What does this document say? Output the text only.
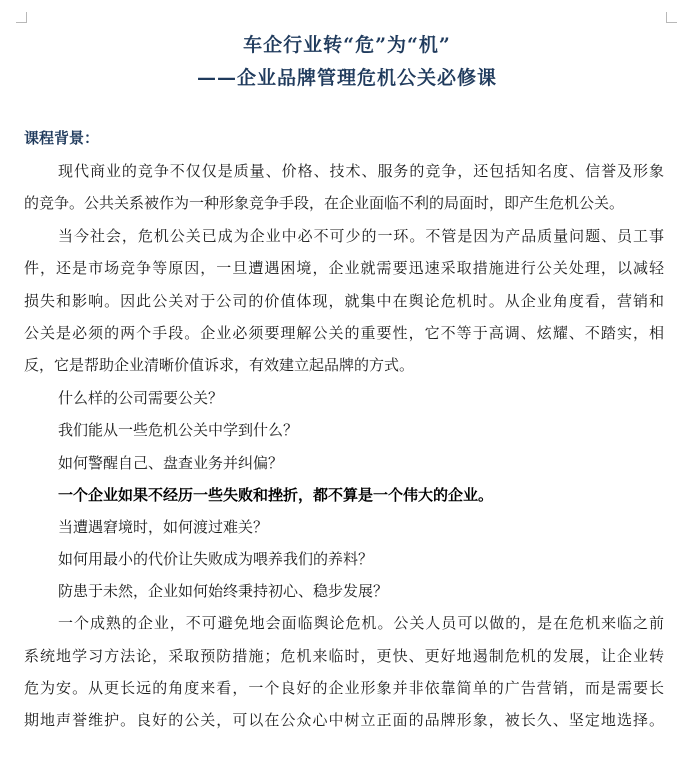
车企行业转“危”为“机”
——企业品牌管理危机公关必修课
课程背景：
现代商业的竞争不仅仅是质量、价格、技术、服务的竞争，还包括知名度、信誉及形象
的竞争。公共关系被作为一种形象竞争手段，在企业面临不利的局面时，即产生危机公关。
当今社会，危机公关已成为企业中必不可少的一环。不管是因为产品质量问题、员工事
件，还是市场竞争等原因，一旦遭遇困境，企业就需要迅速采取措施进行公关处理，以减轻
损失和影响。因此公关对于公司的价值体现，就集中在舆论危机时。从企业角度看，营销和
公关是必须的两个手段。企业必须要理解公关的重要性，它不等于高调、炫耀、不踏实，相
反，它是帮助企业清晰价值诉求，有效建立起品牌的方式。
什么样的公司需要公关？
我们能从一些危机公关中学到什么？
如何警醒自己、盘查业务并纠偏？
一个企业如果不经历一些失败和挫折，都不算是一个伟大的企业。
当遭遇窘境时，如何渡过难关？
如何用最小的代价让失败成为喂养我们的养料？
防患于未然，企业如何始终秉持初心、稳步发展？
一个成熟的企业，不可避免地会面临舆论危机。公关人员可以做的，是在危机来临之前
系统地学习方法论，采取预防措施；危机来临时，更快、更好地遏制危机的发展，让企业转
危为安。从更长远的角度来看，一个良好的企业形象并非依靠简单的广告营销，而是需要长
期地声誉维护。良好的公关，可以在公众心中树立正面的品牌形象，被长久、坚定地选择。
